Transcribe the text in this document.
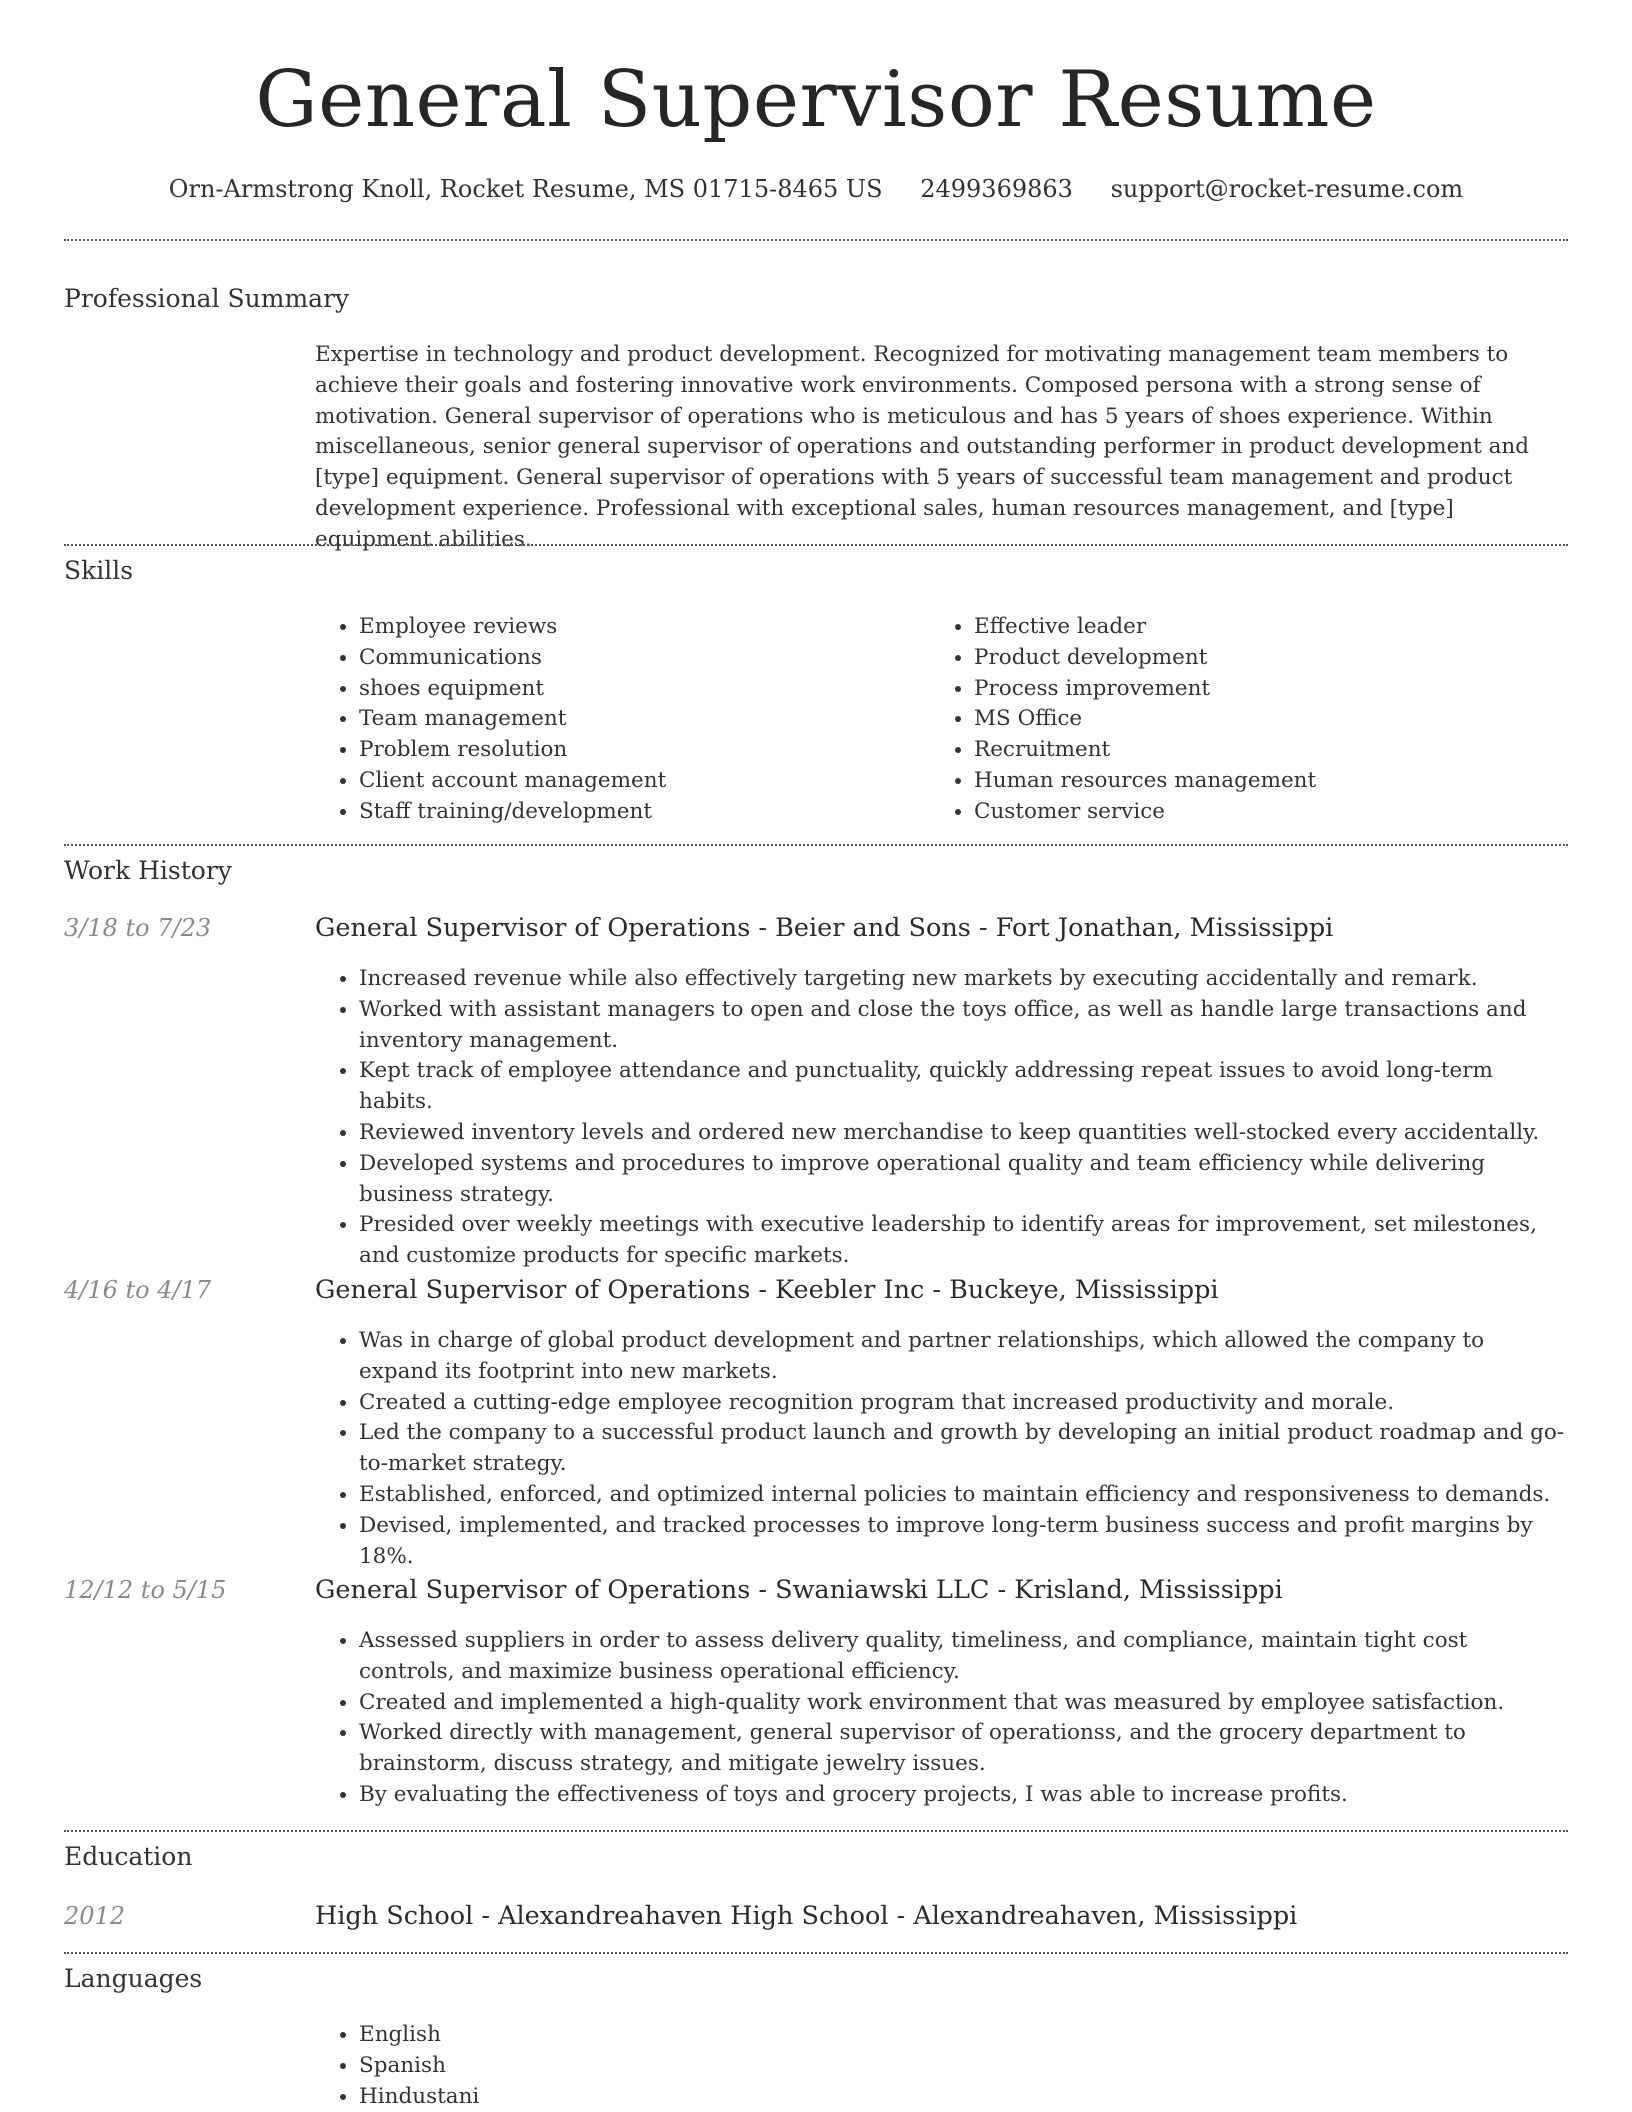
General Supervisor Resume
Orn-Armstrong Knoll, Rocket Resume, MS 01715-8465 US 2499369863 support@rocket-resume.com
Professional Summary

Expertise in technology and product development. Recognized for motivating management team members to achieve their goals and fostering innovative work environments. Composed persona with a strong sense of motivation. General supervisor of operations who is meticulous and has 5 years of shoes experience. Within miscellaneous, senior general supervisor of operations and outstanding performer in product development and [type] equipment. General supervisor of operations with 5 years of successful team management and product development experience. Professional with exceptional sales, human resources management, and [type] equipment abilities.

Skills
• Employee reviews
• Communications
• shoes equipment
• Team management
• Problem resolution
• Client account management
• Staff training/development
• Effective leader
• Product development
• Process improvement
• MS Office
• Recruitment
• Human resources management
• Customer service
Work History
3/18 to 7/23	General Supervisor of Operations - Beier and Sons - Fort Jonathan, Mississippi
• Increased revenue while also effectively targeting new markets by executing accidentally and remark.
• Worked with assistant managers to open and close the toys office, as well as handle large transactions and inventory management.
• Kept track of employee attendance and punctuality, quickly addressing repeat issues to avoid long-term habits.
• Reviewed inventory levels and ordered new merchandise to keep quantities well-stocked every accidentally.
• Developed systems and procedures to improve operational quality and team efficiency while delivering business strategy.
• Presided over weekly meetings with executive leadership to identify areas for improvement, set milestones, and customize products for specific markets.
4/16 to 4/17	General Supervisor of Operations - Keebler Inc - Buckeye, Mississippi
• Was in charge of global product development and partner relationships, which allowed the company to expand its footprint into new markets.
• Created a cutting-edge employee recognition program that increased productivity and morale.
• Led the company to a successful product launch and growth by developing an initial product roadmap and go-to-market strategy.
• Established, enforced, and optimized internal policies to maintain efficiency and responsiveness to demands.
• Devised, implemented, and tracked processes to improve long-term business success and profit margins by 18%.
12/12 to 5/15	General Supervisor of Operations - Swaniawski LLC - Krisland, Mississippi
• Assessed suppliers in order to assess delivery quality, timeliness, and compliance, maintain tight cost controls, and maximize business operational efficiency.
• Created and implemented a high-quality work environment that was measured by employee satisfaction.
• Worked directly with management, general supervisor of operationss, and the grocery department to brainstorm, discuss strategy, and mitigate jewelry issues.
• By evaluating the effectiveness of toys and grocery projects, I was able to increase profits.
Education
2012	High School - Alexandreahaven High School - Alexandreahaven, Mississippi
Languages
• English
• Spanish
• Hindustani
